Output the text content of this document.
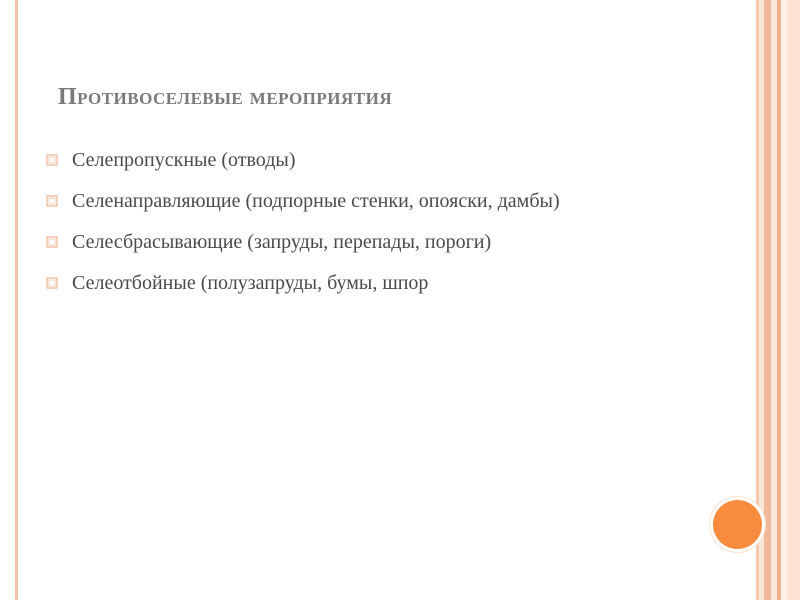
Противоселевые мероприятия
Селепропускные (отводы)
Селенаправляющие (подпорные стенки, опояски, дамбы)
Селесбрасывающие (запруды, перепады, пороги)
Селеотбойные (полузапруды, бумы, шпор
